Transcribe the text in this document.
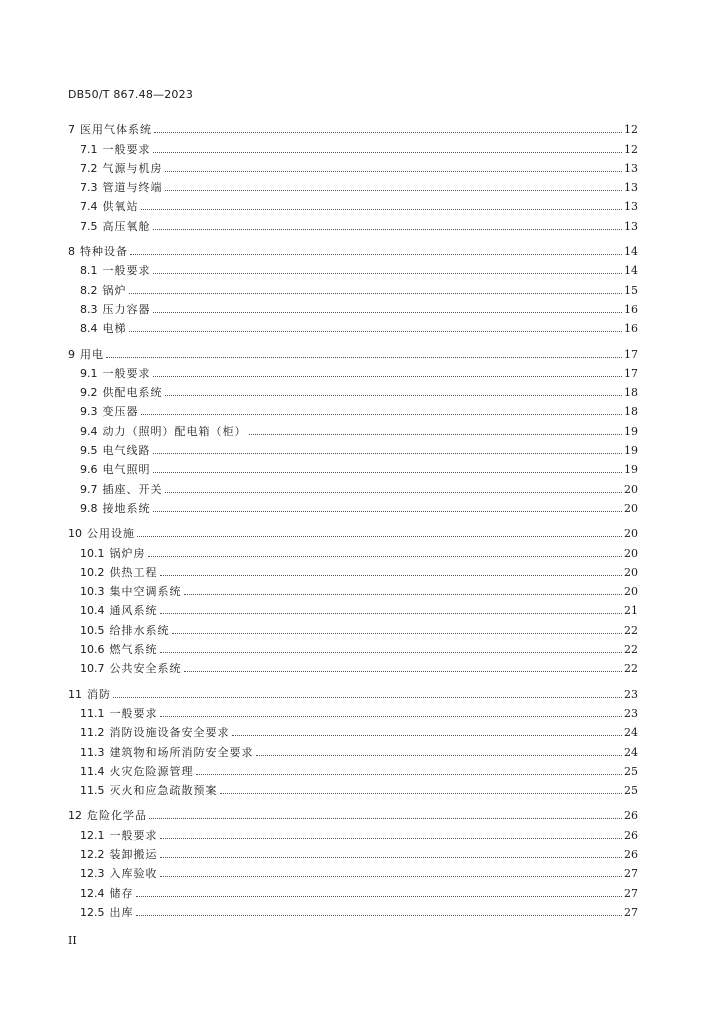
DB50/T 867.48—2023
7 医用气体系统	12
7.1 一般要求	12
7.2 气源与机房	13
7.3 管道与终端	13
7.4 供氧站	13
7.5 高压氧舱	13
8 特种设备	14
8.1 一般要求	14
8.2 锅炉	15
8.3 压力容器	16
8.4 电梯	16
9 用电	17
9.1 一般要求	17
9.2 供配电系统	18
9.3 变压器	18
9.4 动力（照明）配电箱（柜）	19
9.5 电气线路	19
9.6 电气照明	19
9.7 插座、开关	20
9.8 接地系统	20
10 公用设施	20
10.1 锅炉房	20
10.2 供热工程	20
10.3 集中空调系统	20
10.4 通风系统	21
10.5 给排水系统	22
10.6 燃气系统	22
10.7 公共安全系统	22
11 消防	23
11.1 一般要求	23
11.2 消防设施设备安全要求	24
11.3 建筑物和场所消防安全要求	24
11.4 火灾危险源管理	25
11.5 灭火和应急疏散预案	25
12 危险化学品	26
12.1 一般要求	26
12.2 装卸搬运	26
12.3 入库验收	27
12.4 储存	27
12.5 出库	27
II
